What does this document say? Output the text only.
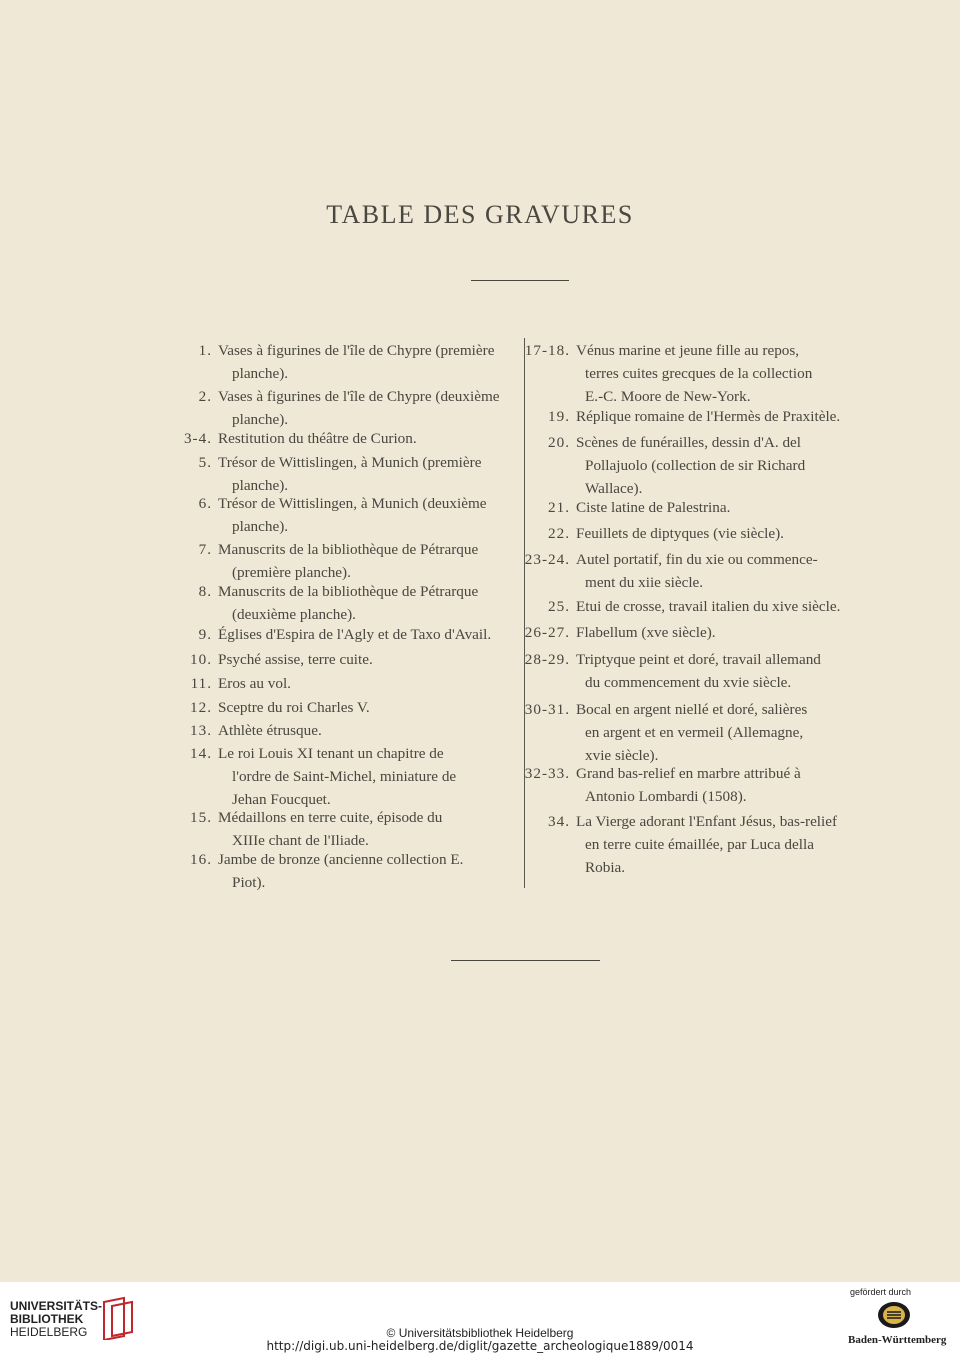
TABLE DES GRAVURES
1. Vases à figurines de l'île de Chypre (première
planche).
2. Vases à figurines de l'île de Chypre (deuxième
planche).
3-4. Restitution du théâtre de Curion.
5. Trésor de Wittislingen, à Munich (première
planche).
6. Trésor de Wittislingen, à Munich (deuxième
planche).
7. Manuscrits de la bibliothèque de Pétrarque
(première planche).
8. Manuscrits de la bibliothèque de Pétrarque
(deuxième planche).
9. Églises d'Espira de l'Agly et de Taxo d'Avail.
10. Psyché assise, terre cuite.
11. Eros au vol.
12. Sceptre du roi Charles V.
13. Athlète étrusque.
14. Le roi Louis XI tenant un chapitre de
l'ordre de Saint-Michel, miniature de
Jehan Foucquet.
15. Médaillons en terre cuite, épisode du
XIIIe chant de l'Iliade.
16. Jambe de bronze (ancienne collection E.
Piot).
17-18. Vénus marine et jeune fille au repos,
terres cuites grecques de la collection
E.-C. Moore de New-York.
19. Réplique romaine de l'Hermès de Praxitèle.
20. Scènes de funérailles, dessin d'A. del
Pollajuolo (collection de sir Richard
Wallace).
21. Ciste latine de Palestrina.
22. Feuillets de diptyques (vie siècle).
23-24. Autel portatif, fin du xie ou commence-
ment du xiie siècle.
25. Etui de crosse, travail italien du xive siècle.
26-27. Flabellum (xve siècle).
28-29. Triptyque peint et doré, travail allemand
du commencement du xvie siècle.
30-31. Bocal en argent niellé et doré, salières
en argent et en vermeil (Allemagne,
xvie siècle).
32-33. Grand bas-relief en marbre attribué à
Antonio Lombardi (1508).
34. La Vierge adorant l'Enfant Jésus, bas-relief
en terre cuite émaillée, par Luca della
Robia.
UNIVERSITÄTS-
BIBLIOTHEK
HEIDELBERG	© Universitätsbibliothek Heidelberg
http://digi.ub.uni-heidelberg.de/diglit/gazette_archeologique1889/0014
gefördert durch
Baden-Württemberg
